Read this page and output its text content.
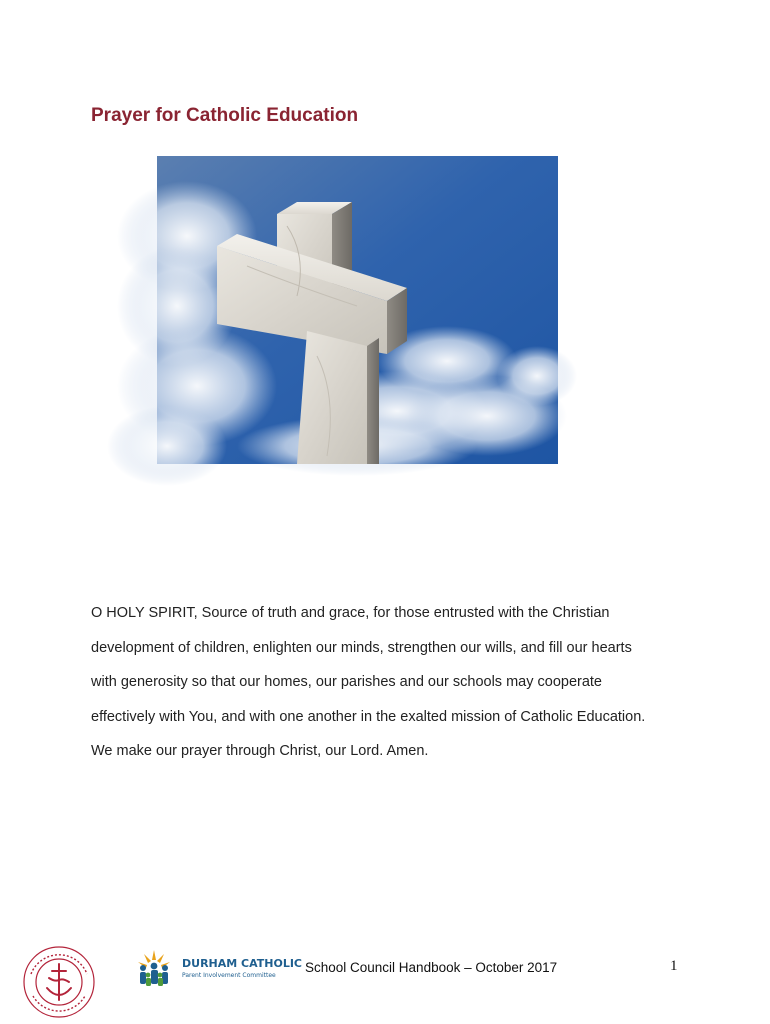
Prayer for Catholic Education

O HOLY SPIRIT, Source of truth and grace, for those entrusted with the Christian

development of children, enlighten our minds, strengthen our wills, and fill our hearts

with generosity so that our homes, our parishes and our schools may cooperate

effectively with You, and with one another in the exalted mission of Catholic Education.

We make our prayer through Christ, our Lord. Amen.

DURHAM CATHOLIC
Parent Involvement Committee
School Council Handbook – October 2017	1
